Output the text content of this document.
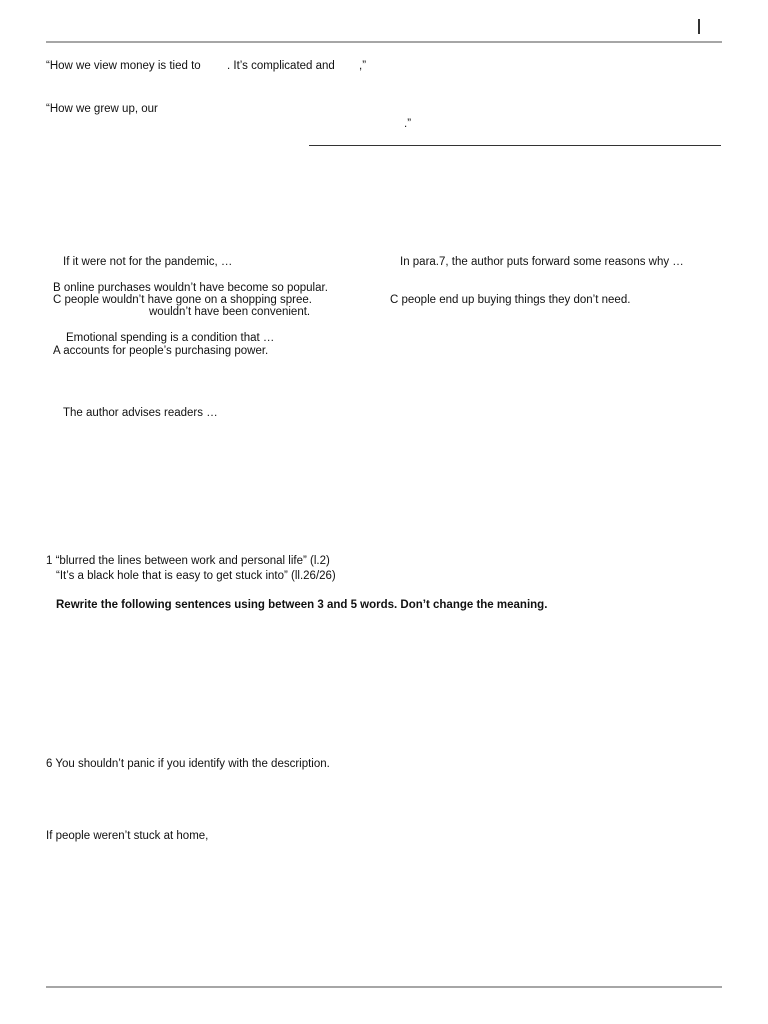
“How we view money is tied to . It’s complicated and ,”
“How we grew up, our
.”
If it were not for the pandemic, …
B online purchases wouldn’t have become so popular.
C people wouldn’t have gone on a shopping spree.
wouldn’t have been convenient.
Emotional spending is a condition that …
A accounts for people’s purchasing power.
The author advises readers …
In para.7, the author puts forward some reasons why …
C people end up buying things they don’t need.
1 “blurred the lines between work and personal life” (l.2)
“It’s a black hole that is easy to get stuck into” (ll.26/26)
Rewrite the following sentences using between 3 and 5 words. Don’t change the meaning.
6 You shouldn’t panic if you identify with the description.
If people weren’t stuck at home,
